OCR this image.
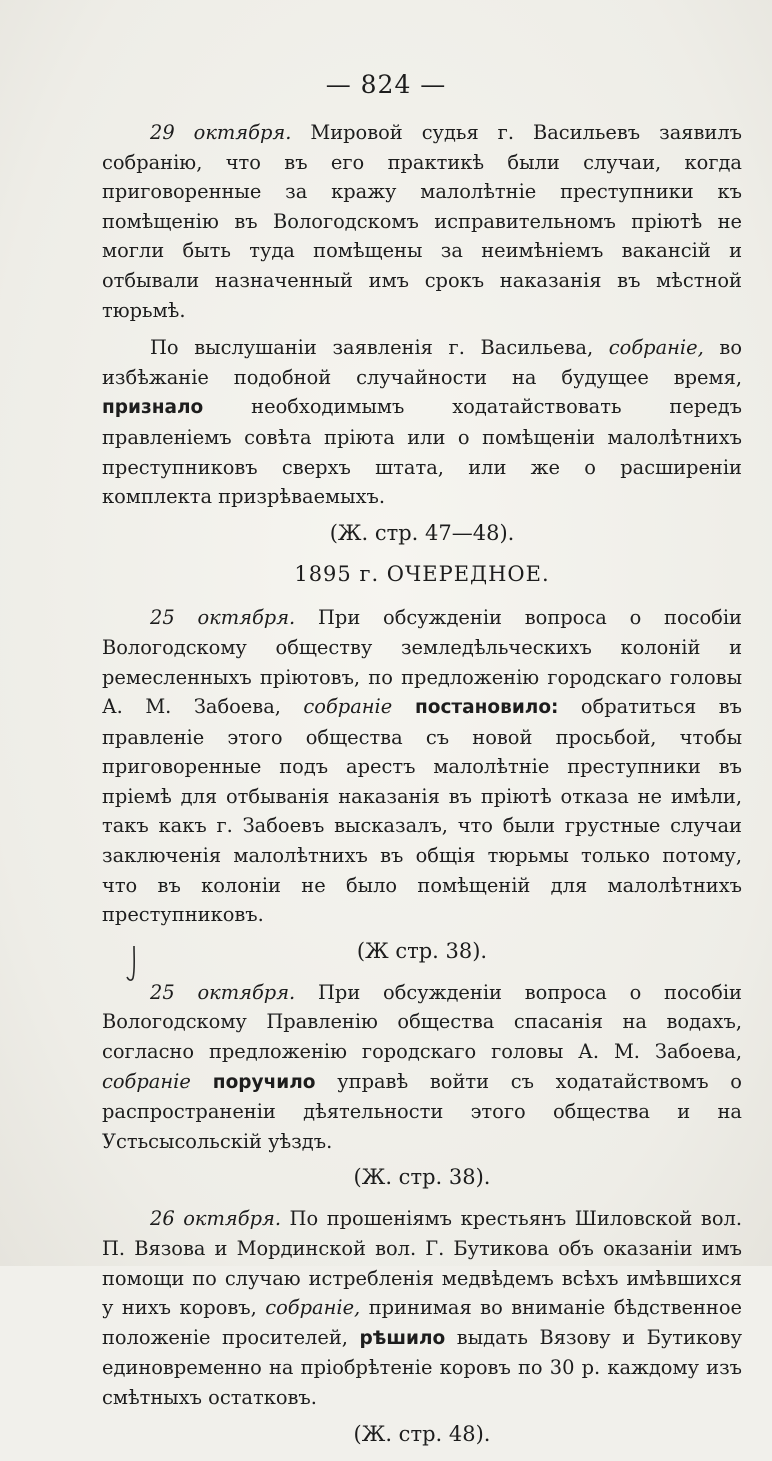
— 824 —

29 октября. Мировой судья г. Васильевъ заявилъ собранію, что въ его практикѣ были случаи, когда приговоренные за кражу малолѣтніе преступники къ помѣщенію въ Вологодскомъ исправительномъ пріютѣ не могли быть туда помѣщены за неимѣніемъ вакансій и отбывали назначенный имъ срокъ наказанія въ мѣстной тюрьмѣ.

По выслушаніи заявленія г. Васильева, собраніе, во избѣжаніе подобной случайности на будущее время, признало необходимымъ ходатайствовать передъ правленіемъ совѣта пріюта или о помѣщеніи малолѣтнихъ преступниковъ сверхъ штата, или же о расширеніи комплекта призрѣваемыхъ.

(Ж. стр. 47—48).
1895 г. ОЧЕРЕДНОЕ.

25 октября. При обсужденіи вопроса о пособіи Вологодскому обществу земледѣльческихъ колоній и ремесленныхъ пріютовъ, по предложенію городскаго головы А. М. Забоева, собраніе постановило: обратиться въ правленіе этого общества съ новой просьбой, чтобы приговоренные подъ арестъ малолѣтніе преступники въ пріемѣ для отбыванія наказанія въ пріютѣ отказа не имѣли, такъ какъ г. Забоевъ высказалъ, что были грустные случаи заключенія малолѣтнихъ въ общія тюрьмы только потому, что въ колоніи не было помѣщеній для малолѣтнихъ преступниковъ.

(Ж стр. 38).

25 октября. При обсужденіи вопроса о пособіи Вологодскому Правленію общества спасанія на водахъ, согласно предложенію городскаго головы А. М. Забоева, собраніе поручило управѣ войти съ ходатайствомъ о распространеніи дѣятельности этого общества и на Устьсысольскій уѣздъ.

(Ж. стр. 38).

26 октября. По прошеніямъ крестьянъ Шиловской вол. П. Вязова и Мординской вол. Г. Бутикова объ оказаніи имъ помощи по случаю истребленія медвѣдемъ всѣхъ имѣвшихся у нихъ коровъ, собраніе, принимая во вниманіе бѣдственное положеніе просителей, рѣшило выдать Вязову и Бутикову единовременно на пріобрѣтеніе коровъ по 30 р. каждому изъ смѣтныхъ остатковъ.

(Ж. стр. 48).
